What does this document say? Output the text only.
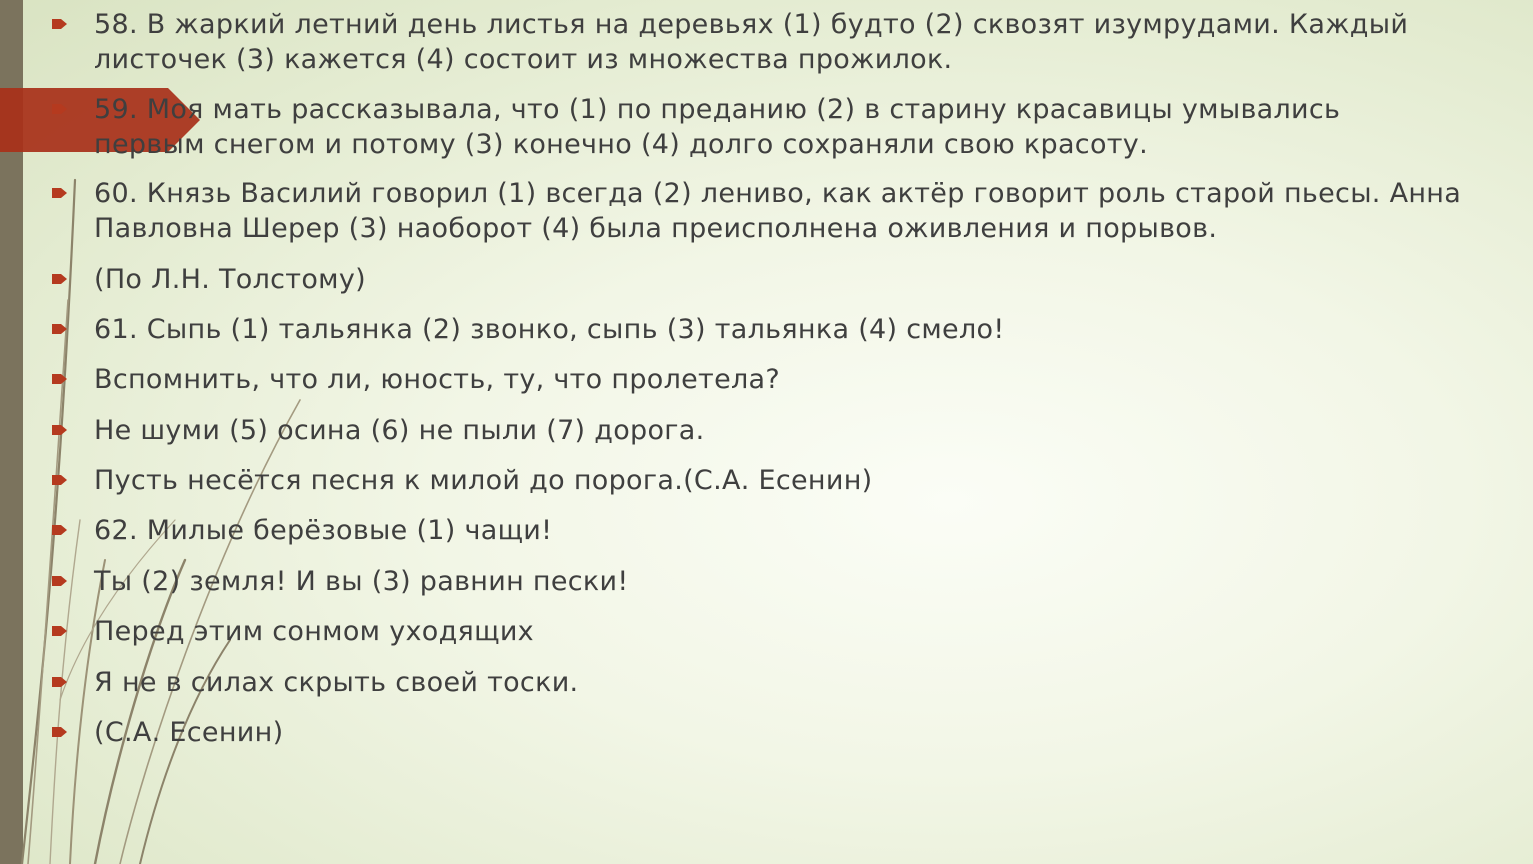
58. В жаркий летний день листья на деревьях (1) будто (2) сквозят изумрудами. Каждый
листочек (3) кажется (4) состоит из множества прожилок.
59. Моя мать рассказывала, что (1) по преданию (2) в старину красавицы умывались
первым снегом и потому (3) конечно (4) долго сохраняли свою красоту.
60. Князь Василий говорил (1) всегда (2) лениво, как актёр говорит роль старой пьесы. Анна
Павловна Шерер (3) наоборот (4) была преисполнена оживления и порывов.
(По Л.Н. Толстому)
61. Сыпь (1) тальянка (2) звонко, сыпь (3) тальянка (4) смело!
Вспомнить, что ли, юность, ту, что пролетела?
Не шуми (5) осина (6) не пыли (7) дорога.
Пусть несётся песня к милой до порога.(С.А. Есенин)
62. Милые берёзовые (1) чащи!
Ты (2) земля! И вы (3) равнин пески!
Перед этим сонмом уходящих
Я не в силах скрыть своей тоски.
(С.А. Есенин)
